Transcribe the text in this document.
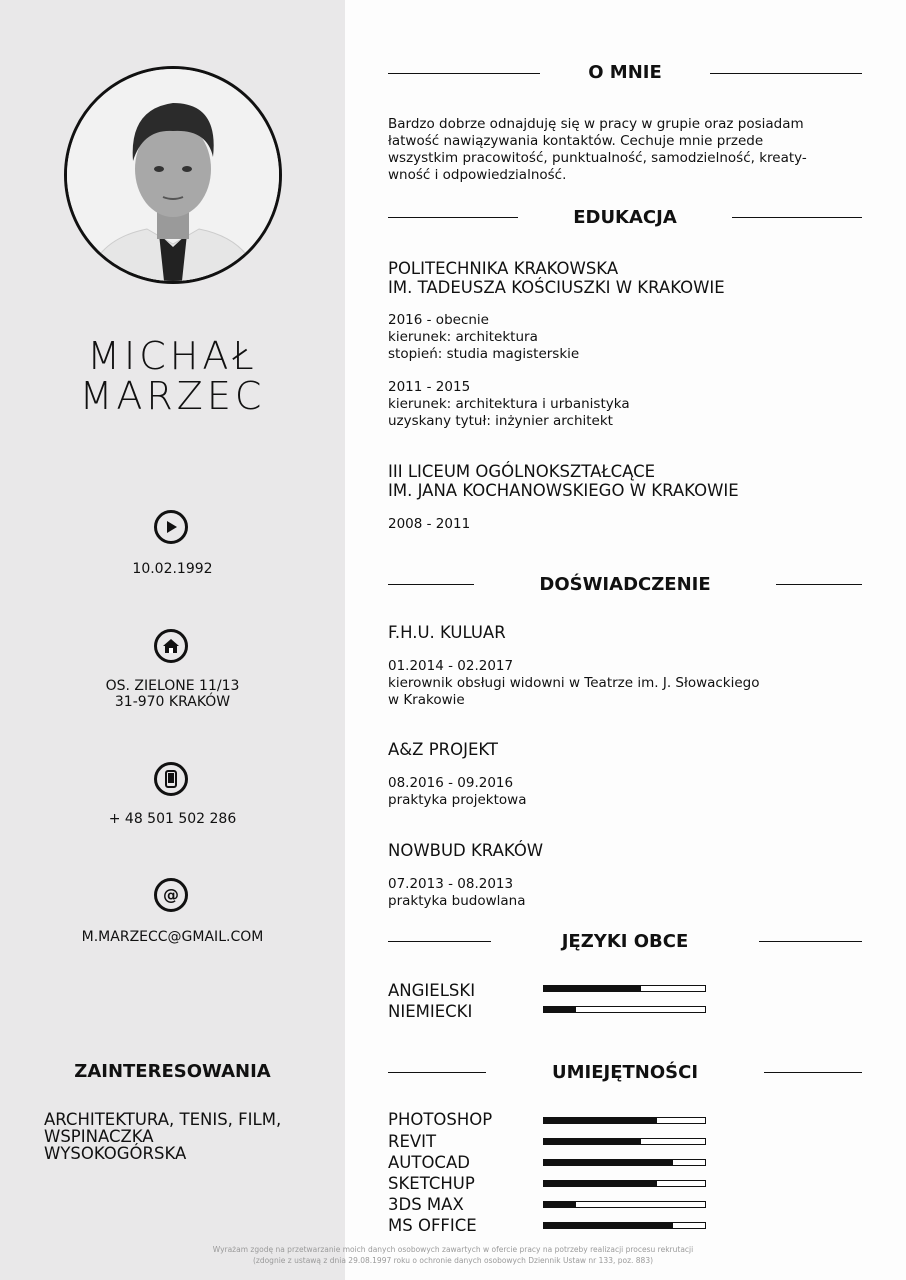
MICHAŁ
MARZEC
10.02.1992
OS. ZIELONE 11/13
31-970 KRAKÓW
+ 48 501 502 286
@
M.MARZECC@GMAIL.COM
ZAINTERESOWANIA
ARCHITEKTURA, TENIS, FILM,
WSPINACZKA
WYSOKOGÓRSKA
O MNIE
Bardzo dobrze odnajduję się w pracy w grupie oraz posiadam
łatwość nawiązywania kontaktów. Cechuje mnie przede
wszystkim pracowitość, punktualność, samodzielność, kreaty-
wność i odpowiedzialność.
EDUKACJA
POLITECHNIKA KRAKOWSKA
IM. TADEUSZA KOŚCIUSZKI W KRAKOWIE
2016 - obecnie
kierunek: architektura
stopień: studia magisterskie
2011 - 2015
kierunek: architektura i urbanistyka
uzyskany tytuł: inżynier architekt
III LICEUM OGÓLNOKSZTAŁCĄCE
IM. JANA KOCHANOWSKIEGO W KRAKOWIE
2008 - 2011
DOŚWIADCZENIE
F.H.U. KULUAR
01.2014 - 02.2017
kierownik obsługi widowni w Teatrze im. J. Słowackiego
w Krakowie
A&Z PROJEKT
08.2016 - 09.2016
praktyka projektowa
NOWBUD KRAKÓW
07.2013 - 08.2013
praktyka budowlana
JĘZYKI OBCE
ANGIELSKI
NIEMIECKI
UMIEJĘTNOŚCI
PHOTOSHOP
REVIT
AUTOCAD
SKETCHUP
3DS MAX
MS OFFICE
Wyrażam zgodę na przetwarzanie moich danych osobowych zawartych w ofercie pracy na potrzeby realizacji procesu rekrutacji
(zdognie z ustawą z dnia 29.08.1997 roku o ochronie danych osobowych Dziennik Ustaw nr 133, poz. 883)
